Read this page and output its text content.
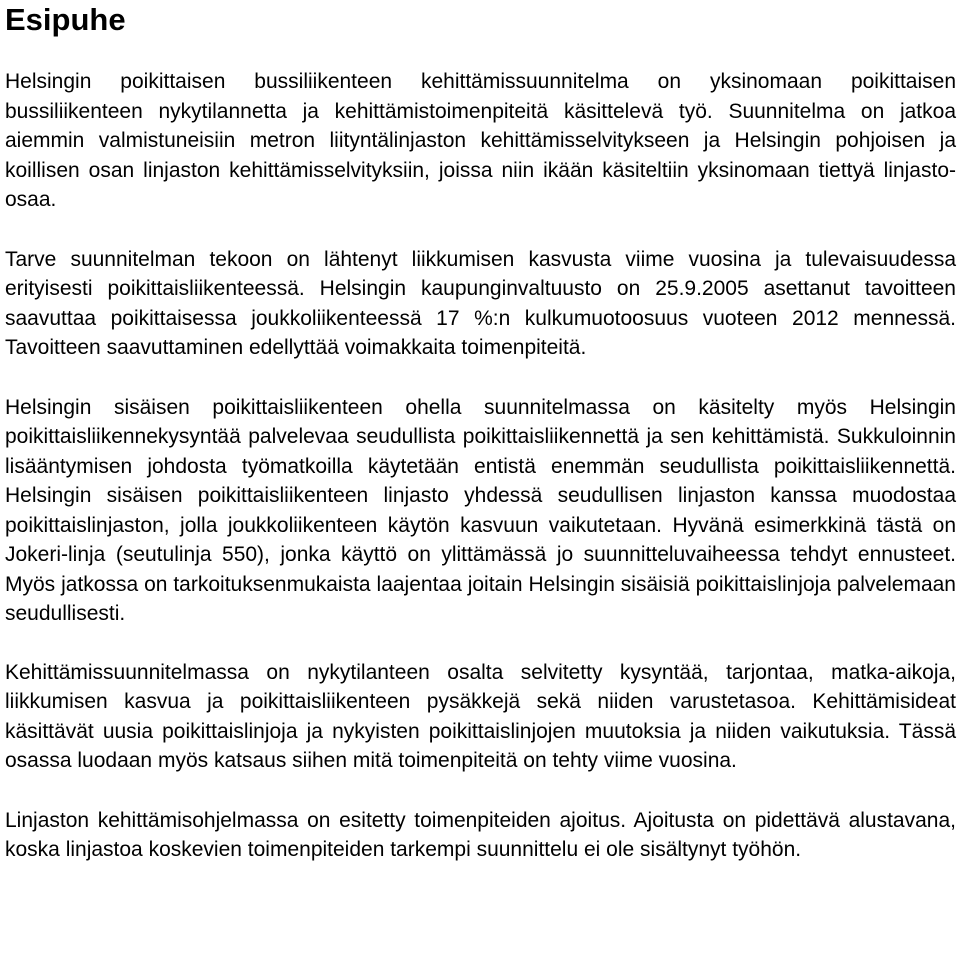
Esipuhe

Helsingin poikittaisen bussiliikenteen kehittämissuunnitelma on yksinomaan poikittaisen bussiliikenteen nykytilannetta ja kehittämistoimenpiteitä käsittelevä työ. Suunnitelma on jatkoa aiemmin valmistuneisiin metron liityntälinjaston kehittämisselvitykseen ja Helsingin pohjoisen ja koillisen osan linjaston kehittämisselvityksiin, joissa niin ikään käsiteltiin yksinomaan tiettyä linjasto-osaa.

Tarve suunnitelman tekoon on lähtenyt liikkumisen kasvusta viime vuosina ja tulevaisuudessa erityisesti poikittaisliikenteessä. Helsingin kaupunginvaltuusto on 25.9.2005 asettanut tavoitteen saavuttaa poikittaisessa joukkoliikenteessä 17 %:n kulkumuotoosuus vuoteen 2012 mennessä. Tavoitteen saavuttaminen edellyttää voimakkaita toimenpiteitä.

Helsingin sisäisen poikittaisliikenteen ohella suunnitelmassa on käsitelty myös Helsingin poikittaisliikennekysyntää palvelevaa seudullista poikittaisliikennettä ja sen kehittämistä. Sukkuloinnin lisääntymisen johdosta työmatkoilla käytetään entistä enemmän seudullista poikittaisliikennettä. Helsingin sisäisen poikittaisliikenteen linjasto yhdessä seudullisen linjaston kanssa muodostaa poikittaislinjaston, jolla joukkoliikenteen käytön kasvuun vaikutetaan. Hyvänä esimerkkinä tästä on Jokeri-linja (seutulinja 550), jonka käyttö on ylittämässä jo suunnitteluvaiheessa tehdyt ennusteet. Myös jatkossa on tarkoituksenmukaista laajentaa joitain Helsingin sisäisiä poikittaislinjoja palvelemaan seudullisesti.

Kehittämissuunnitelmassa on nykytilanteen osalta selvitetty kysyntää, tarjontaa, matka-aikoja, liikkumisen kasvua ja poikittaisliikenteen pysäkkejä sekä niiden varustetasoa. Kehittämisideat käsittävät uusia poikittaislinjoja ja nykyisten poikittaislinjojen muutoksia ja niiden vaikutuksia. Tässä osassa luodaan myös katsaus siihen mitä toimenpiteitä on tehty viime vuosina.

Linjaston kehittämisohjelmassa on esitetty toimenpiteiden ajoitus. Ajoitusta on pidettävä alustavana, koska linjastoa koskevien toimenpiteiden tarkempi suunnittelu ei ole sisältynyt työhön.
